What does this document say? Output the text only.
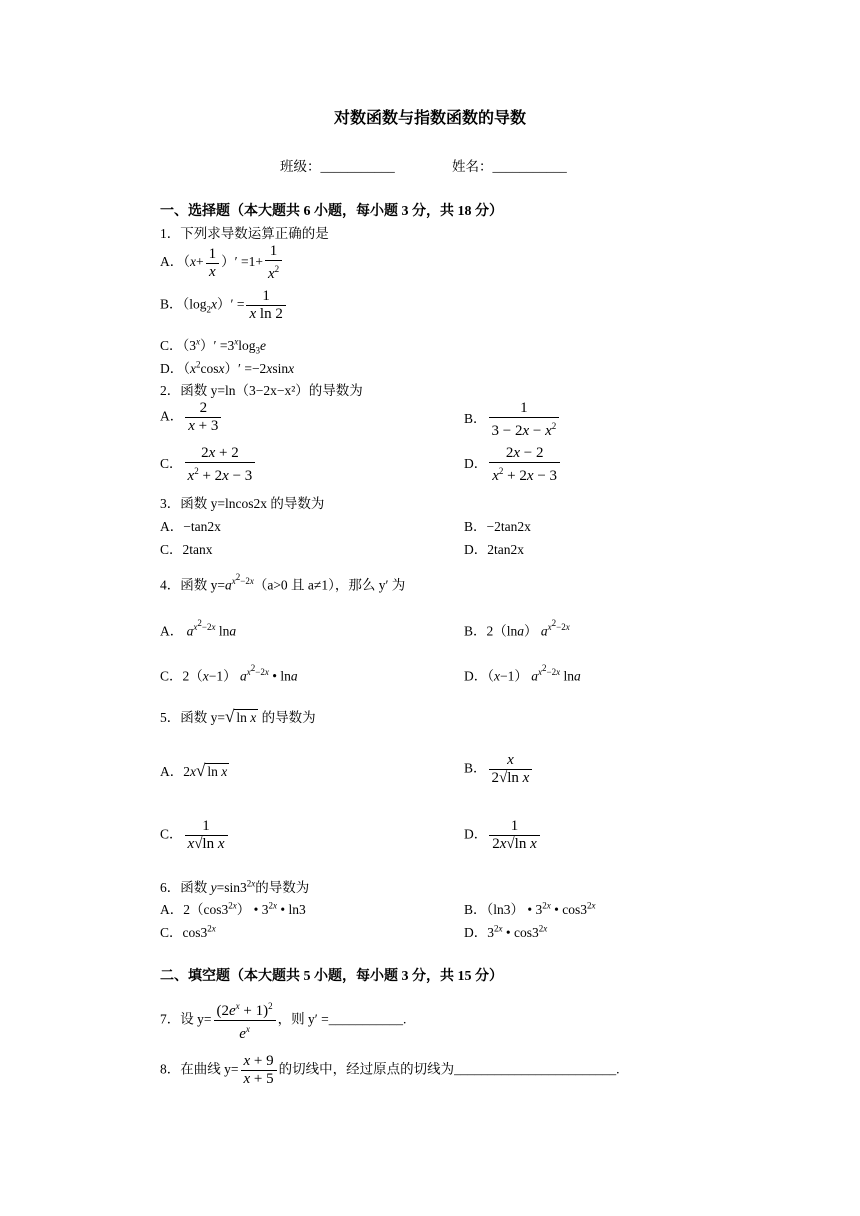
对数函数与指数函数的导数
班级：___________	姓名：___________
一、选择题（本大题共 6 小题，每小题 3 分，共 18 分）
1．下列求导数运算正确的是
A．（$x+ \frac{1}{x}$ ）′ $=1+ \frac{1}{x^2}$
B．$(\log_2x)' = \frac{1}{\text{x ln 2}}$
C．$(3^x)' =3^x\log_3e$
D．$(x^2\cos x)' =-2xsinx$
2．函数 y=ln（3−2x−x²）的导数为
A． $\frac{2}{x + 3}$	B． $\frac{1}{3 - 2x - x^2}$
C． $\frac{2x + 2}{x^2 + 2x - 3}$	D． $\frac{2x - 2}{x^2 + 2x - 3}$
3．函数 y=lncos2x 的导数为
A．−tan2x	B．−2tan2x
C．2tanx	D．2tan2x
4．函数 $y=a^{x^2-2x}(a>0$ 且 a≠1），那么 y′ 为
A． $a^{x^2-2x}$ lna	B．2（lna） $a^{x^2-2x}$
C．2（x−1） $a^{x^2-2x}$ • lna	D．（x−1） $a^{x^2-2x}$ lna
5．函数 y=√ ln x 的导数为
A．2x√ ln x	B． $\frac{x}{\text{2√ln x}}$
C． $\frac{1}{\text{x√ln x}}$	D． $\frac{1}{\text{2x√ln x}}$
6．函数 $y=\sin 3^{2x}$的导数为
A．$2(\cos 3^{2x})$ • $3^{2x}$ • ln3	B．（ln3） • $3^{2x}$ • $\cos 3^{2x}$
C．$\cos 3^{2x}$	D．$3^{2x}$ • $\cos 3^{2x}$
二、填空题（本大题共 5 小题，每小题 3 分，共 15 分）
7．设 $y= \frac{(2e^x + 1)^2}{e^x}$ ，则 y′ =___________.
8．在曲线 $y= \frac{x + 9}{x + 5}$ 的切线中，经过原点的切线为________________________.
